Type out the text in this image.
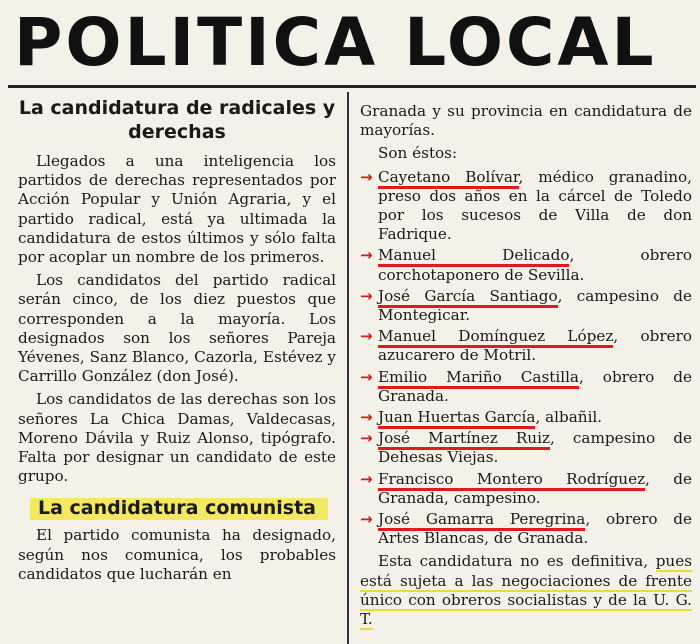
POLITICA LOCAL
La candidatura de radicales y derechas

Llegados a una inteligencia los partidos de derechas representados por Acción Popular y Unión Agraria, y el partido radical, está ya ultimada la candidatura de estos últimos y sólo falta por acoplar un nombre de los primeros.

Los candidatos del partido radical serán cinco, de los diez puestos que corresponden a la mayoría. Los designados son los señores Pareja Yévenes, Sanz Blanco, Cazorla, Estévez y Carrillo González (don José).

Los candidatos de las derechas son los señores La Chica Damas, Valdecasas, Moreno Dávila y Ruiz Alonso, tipógrafo. Falta por designar un candidato de este grupo.

La candidatura comunista

El partido comunista ha designado, según nos comunica, los probables candidatos que lucharán en

Granada y su provincia en candidatura de mayorías.

Son éstos:

→ Cayetano Bolívar, médico granadino, preso dos años en la cárcel de Toledo por los sucesos de Villa de don Fadrique.
→ Manuel Delicado, obrero corchotaponero de Sevilla.
→ José García Santiago, campesino de Montegicar.
→ Manuel Domínguez López, obrero azucarero de Motril.
→ Emilio Mariño Castilla, obrero de Granada.
→ Juan Huertas García, albañil.
→ José Martínez Ruiz, campesino de Dehesas Viejas.
→ Francisco Montero Rodríguez, de Granada, campesino.
→ José Gamarra Peregrina, obrero de Artes Blancas, de Granada.

Esta candidatura no es definitiva, pues está sujeta a las negociaciones de frente único con obreros socialistas y de la U. G. T.
